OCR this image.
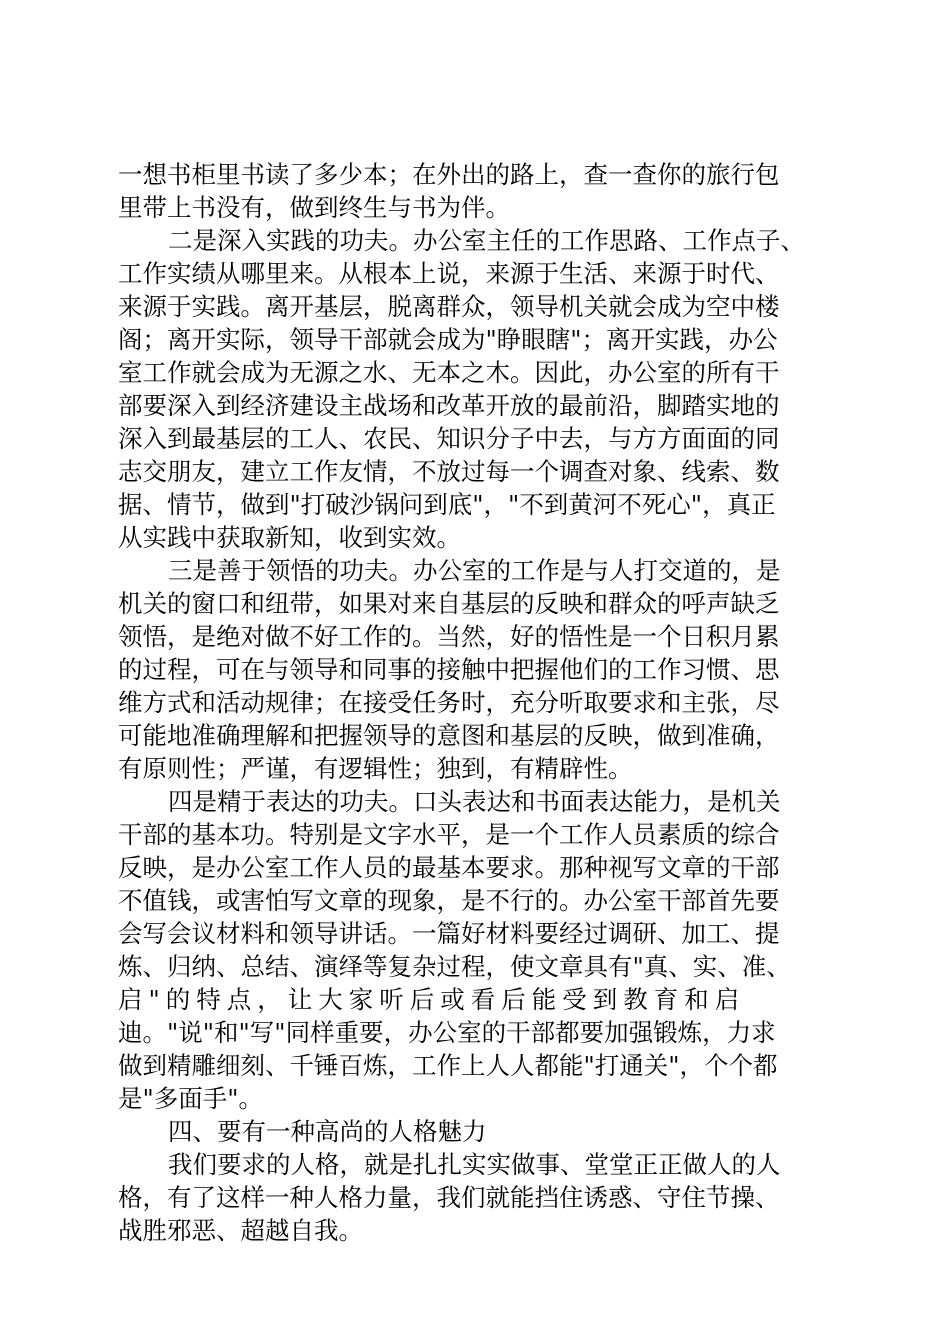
一想书柜里书读了多少本；在外出的路上，查一查你的旅行包
里带上书没有，做到终生与书为伴。
二是深入实践的功夫。办公室主任的工作思路、工作点子、
工作实绩从哪里来。从根本上说，来源于生活、来源于时代、
来源于实践。离开基层，脱离群众，领导机关就会成为空中楼
阁；离开实际，领导干部就会成为"睁眼瞎"；离开实践，办公
室工作就会成为无源之水、无本之木。因此，办公室的所有干
部要深入到经济建设主战场和改革开放的最前沿，脚踏实地的
深入到最基层的工人、农民、知识分子中去，与方方面面的同
志交朋友，建立工作友情，不放过每一个调查对象、线索、数
据、情节，做到"打破沙锅问到底"，"不到黄河不死心"，真正
从实践中获取新知，收到实效。
三是善于领悟的功夫。办公室的工作是与人打交道的，是
机关的窗口和纽带，如果对来自基层的反映和群众的呼声缺乏
领悟，是绝对做不好工作的。当然，好的悟性是一个日积月累
的过程，可在与领导和同事的接触中把握他们的工作习惯、思
维方式和活动规律；在接受任务时，充分听取要求和主张，尽
可能地准确理解和把握领导的意图和基层的反映，做到准确，
有原则性；严谨，有逻辑性；独到，有精辟性。
四是精于表达的功夫。口头表达和书面表达能力，是机关
干部的基本功。特别是文字水平，是一个工作人员素质的综合
反映，是办公室工作人员的最基本要求。那种视写文章的干部
不值钱，或害怕写文章的现象，是不行的。办公室干部首先要
会写会议材料和领导讲话。一篇好材料要经过调研、加工、提
炼、归纳、总结、演绎等复杂过程，使文章具有"真、实、准、
启"的特点，让大家听后或看后能受到教育和启
迪。"说"和"写"同样重要，办公室的干部都要加强锻炼，力求
做到精雕细刻、千锤百炼，工作上人人都能"打通关"，个个都
是"多面手"。
四、要有一种高尚的人格魅力
我们要求的人格，就是扎扎实实做事、堂堂正正做人的人
格，有了这样一种人格力量，我们就能挡住诱惑、守住节操、
战胜邪恶、超越自我。
